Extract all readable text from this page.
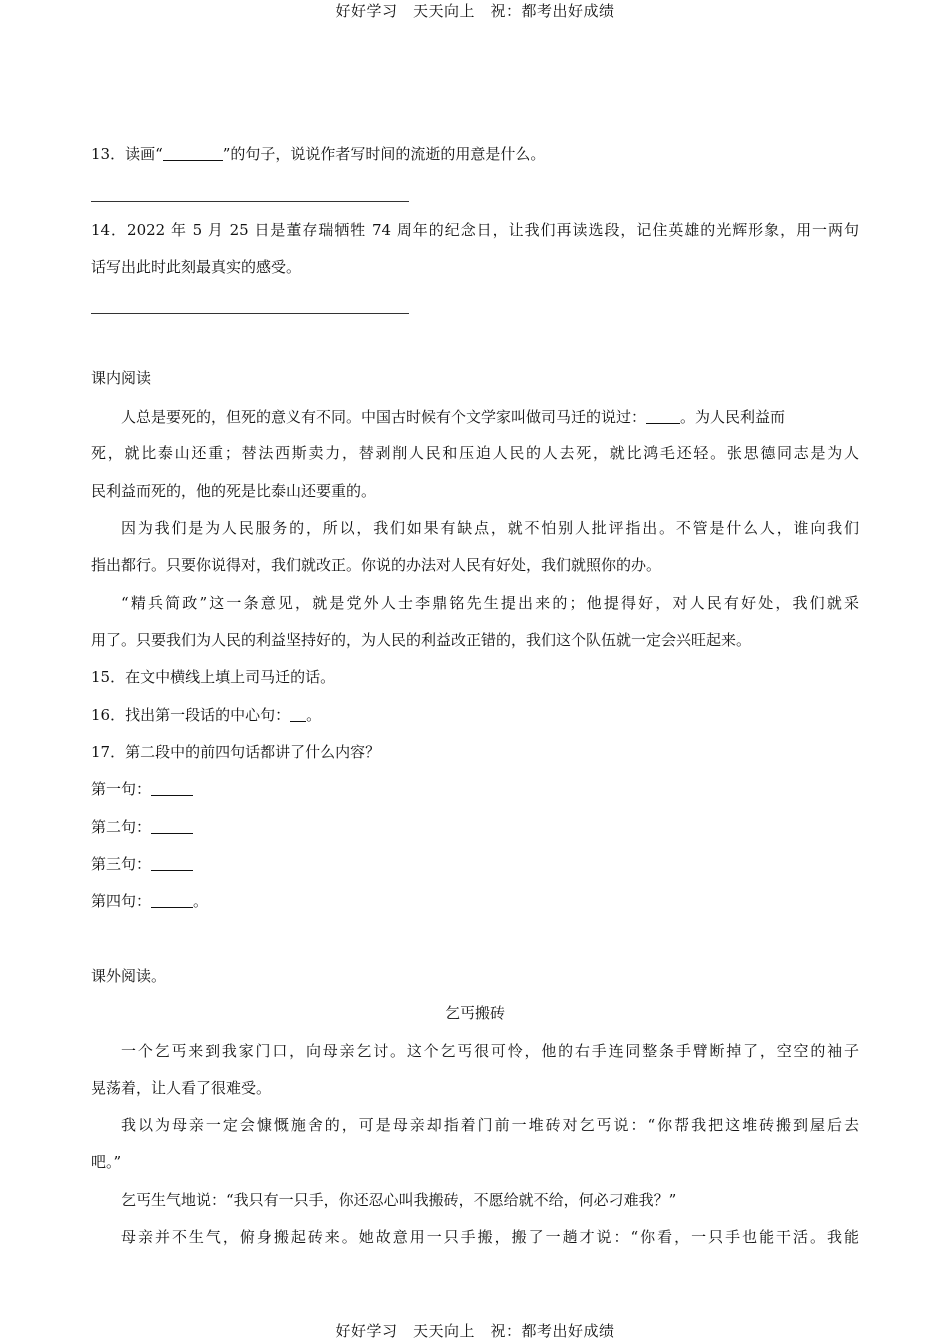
好好学习　天天向上　祝：都考出好成绩
13．读画“	”的句子，说说作者写时间的流逝的用意是什么。
14．2022 年 5 月 25 日是董存瑞牺牲 74 周年的纪念日，让我们再读选段，记住英雄的光辉形象，用一两句
话写出此时此刻最真实的感受。
课内阅读
人总是要死的，但死的意义有不同。中国古时候有个文学家叫做司马迁的说过： 。为人民利益而
死，就比泰山还重；替法西斯卖力，替剥削人民和压迫人民的人去死，就比鸿毛还轻。张思德同志是为人
民利益而死的，他的死是比泰山还要重的。
因为我们是为人民服务的，所以，我们如果有缺点，就不怕别人批评指出。不管是什么人，谁向我们
指出都行。只要你说得对，我们就改正。你说的办法对人民有好处，我们就照你的办。
“精兵简政”这一条意见，就是党外人士李鼎铭先生提出来的；他提得好，对人民有好处，我们就采
用了。只要我们为人民的利益坚持好的，为人民的利益改正错的，我们这个队伍就一定会兴旺起来。
15．在文中横线上填上司马迁的话。
16．找出第一段话的中心句： 。
17．第二段中的前四句话都讲了什么内容？
第一句：
第二句：
第三句：
第四句：	。
课外阅读。
乞丐搬砖
一个乞丐来到我家门口，向母亲乞讨。这个乞丐很可怜，他的右手连同整条手臂断掉了，空空的袖子
晃荡着，让人看了很难受。
我以为母亲一定会慷慨施舍的，可是母亲却指着门前一堆砖对乞丐说：“你帮我把这堆砖搬到屋后去
吧。”
乞丐生气地说：“我只有一只手，你还忍心叫我搬砖，不愿给就不给，何必刁难我？”
母亲并不生气，俯身搬起砖来。她故意用一只手搬，搬了一趟才说：“你看，一只手也能干活。我能
好好学习　天天向上　祝：都考出好成绩
